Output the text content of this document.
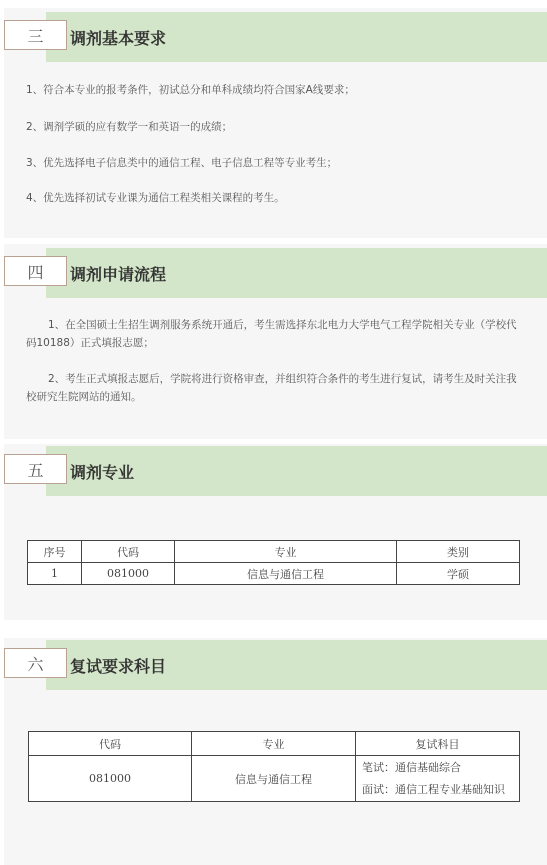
三	调剂基本要求
1、符合本专业的报考条件，初试总分和单科成绩均符合国家A线要求；
2、调剂学硕的应有数学一和英语一的成绩；
3、优先选择电子信息类中的通信工程、电子信息工程等专业考生；
4、优先选择初试专业课为通信工程类相关课程的考生。
四	调剂申请流程
1、在全国硕士生招生调剂服务系统开通后，考生需选择东北电力大学电气工程学院相关专业（学校代码10188）正式填报志愿；
2、考生正式填报志愿后，学院将进行资格审查，并组织符合条件的考生进行复试，请考生及时关注我校研究生院网站的通知。
五	调剂专业
序号	代码	专业	类别
1	081000	信息与通信工程	学硕
六	复试要求科目
代码	专业	复试科目
081000	信息与通信工程	笔试：通信基础综合
面试：通信工程专业基础知识
